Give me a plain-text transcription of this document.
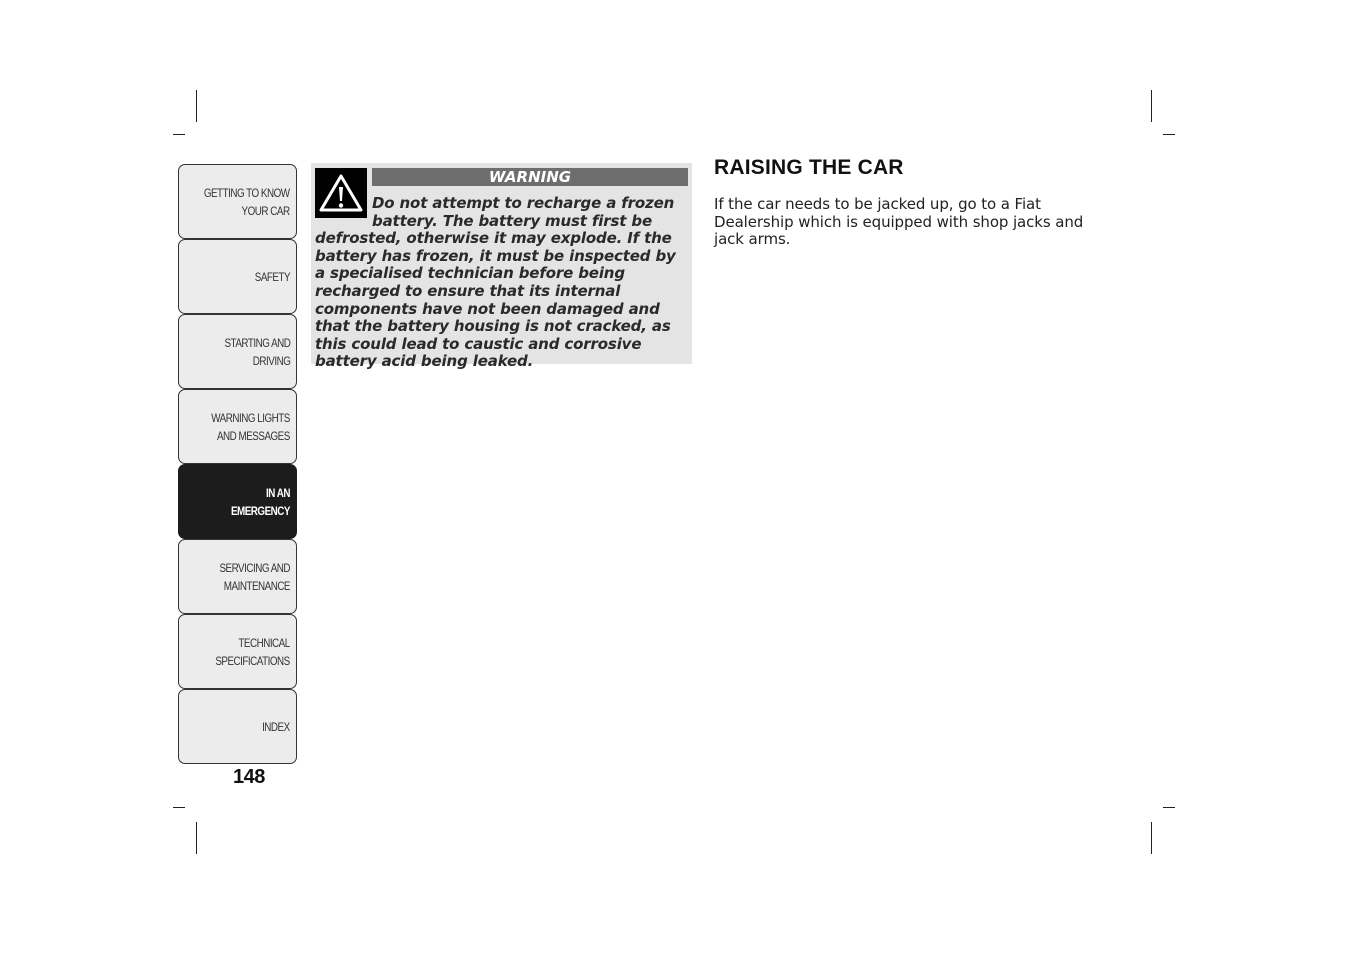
GETTING TO KNOW
YOUR CAR
SAFETY
STARTING AND
DRIVING
WARNING LIGHTS
AND MESSAGES
IN AN
EMERGENCY
SERVICING AND
MAINTENANCE
TECHNICAL
SPECIFICATIONS
INDEX
148
WARNING
Do not attempt to recharge a frozen battery. The battery must first be defrosted, otherwise it may explode. If the battery has frozen, it must be inspected by a specialised technician before being recharged to ensure that its internal components have not been damaged and that the battery housing is not cracked, as this could lead to caustic and corrosive battery acid being leaked.
RAISING THE CAR
If the car needs to be jacked up, go to a Fiat Dealership which is equipped with shop jacks and jack arms.
